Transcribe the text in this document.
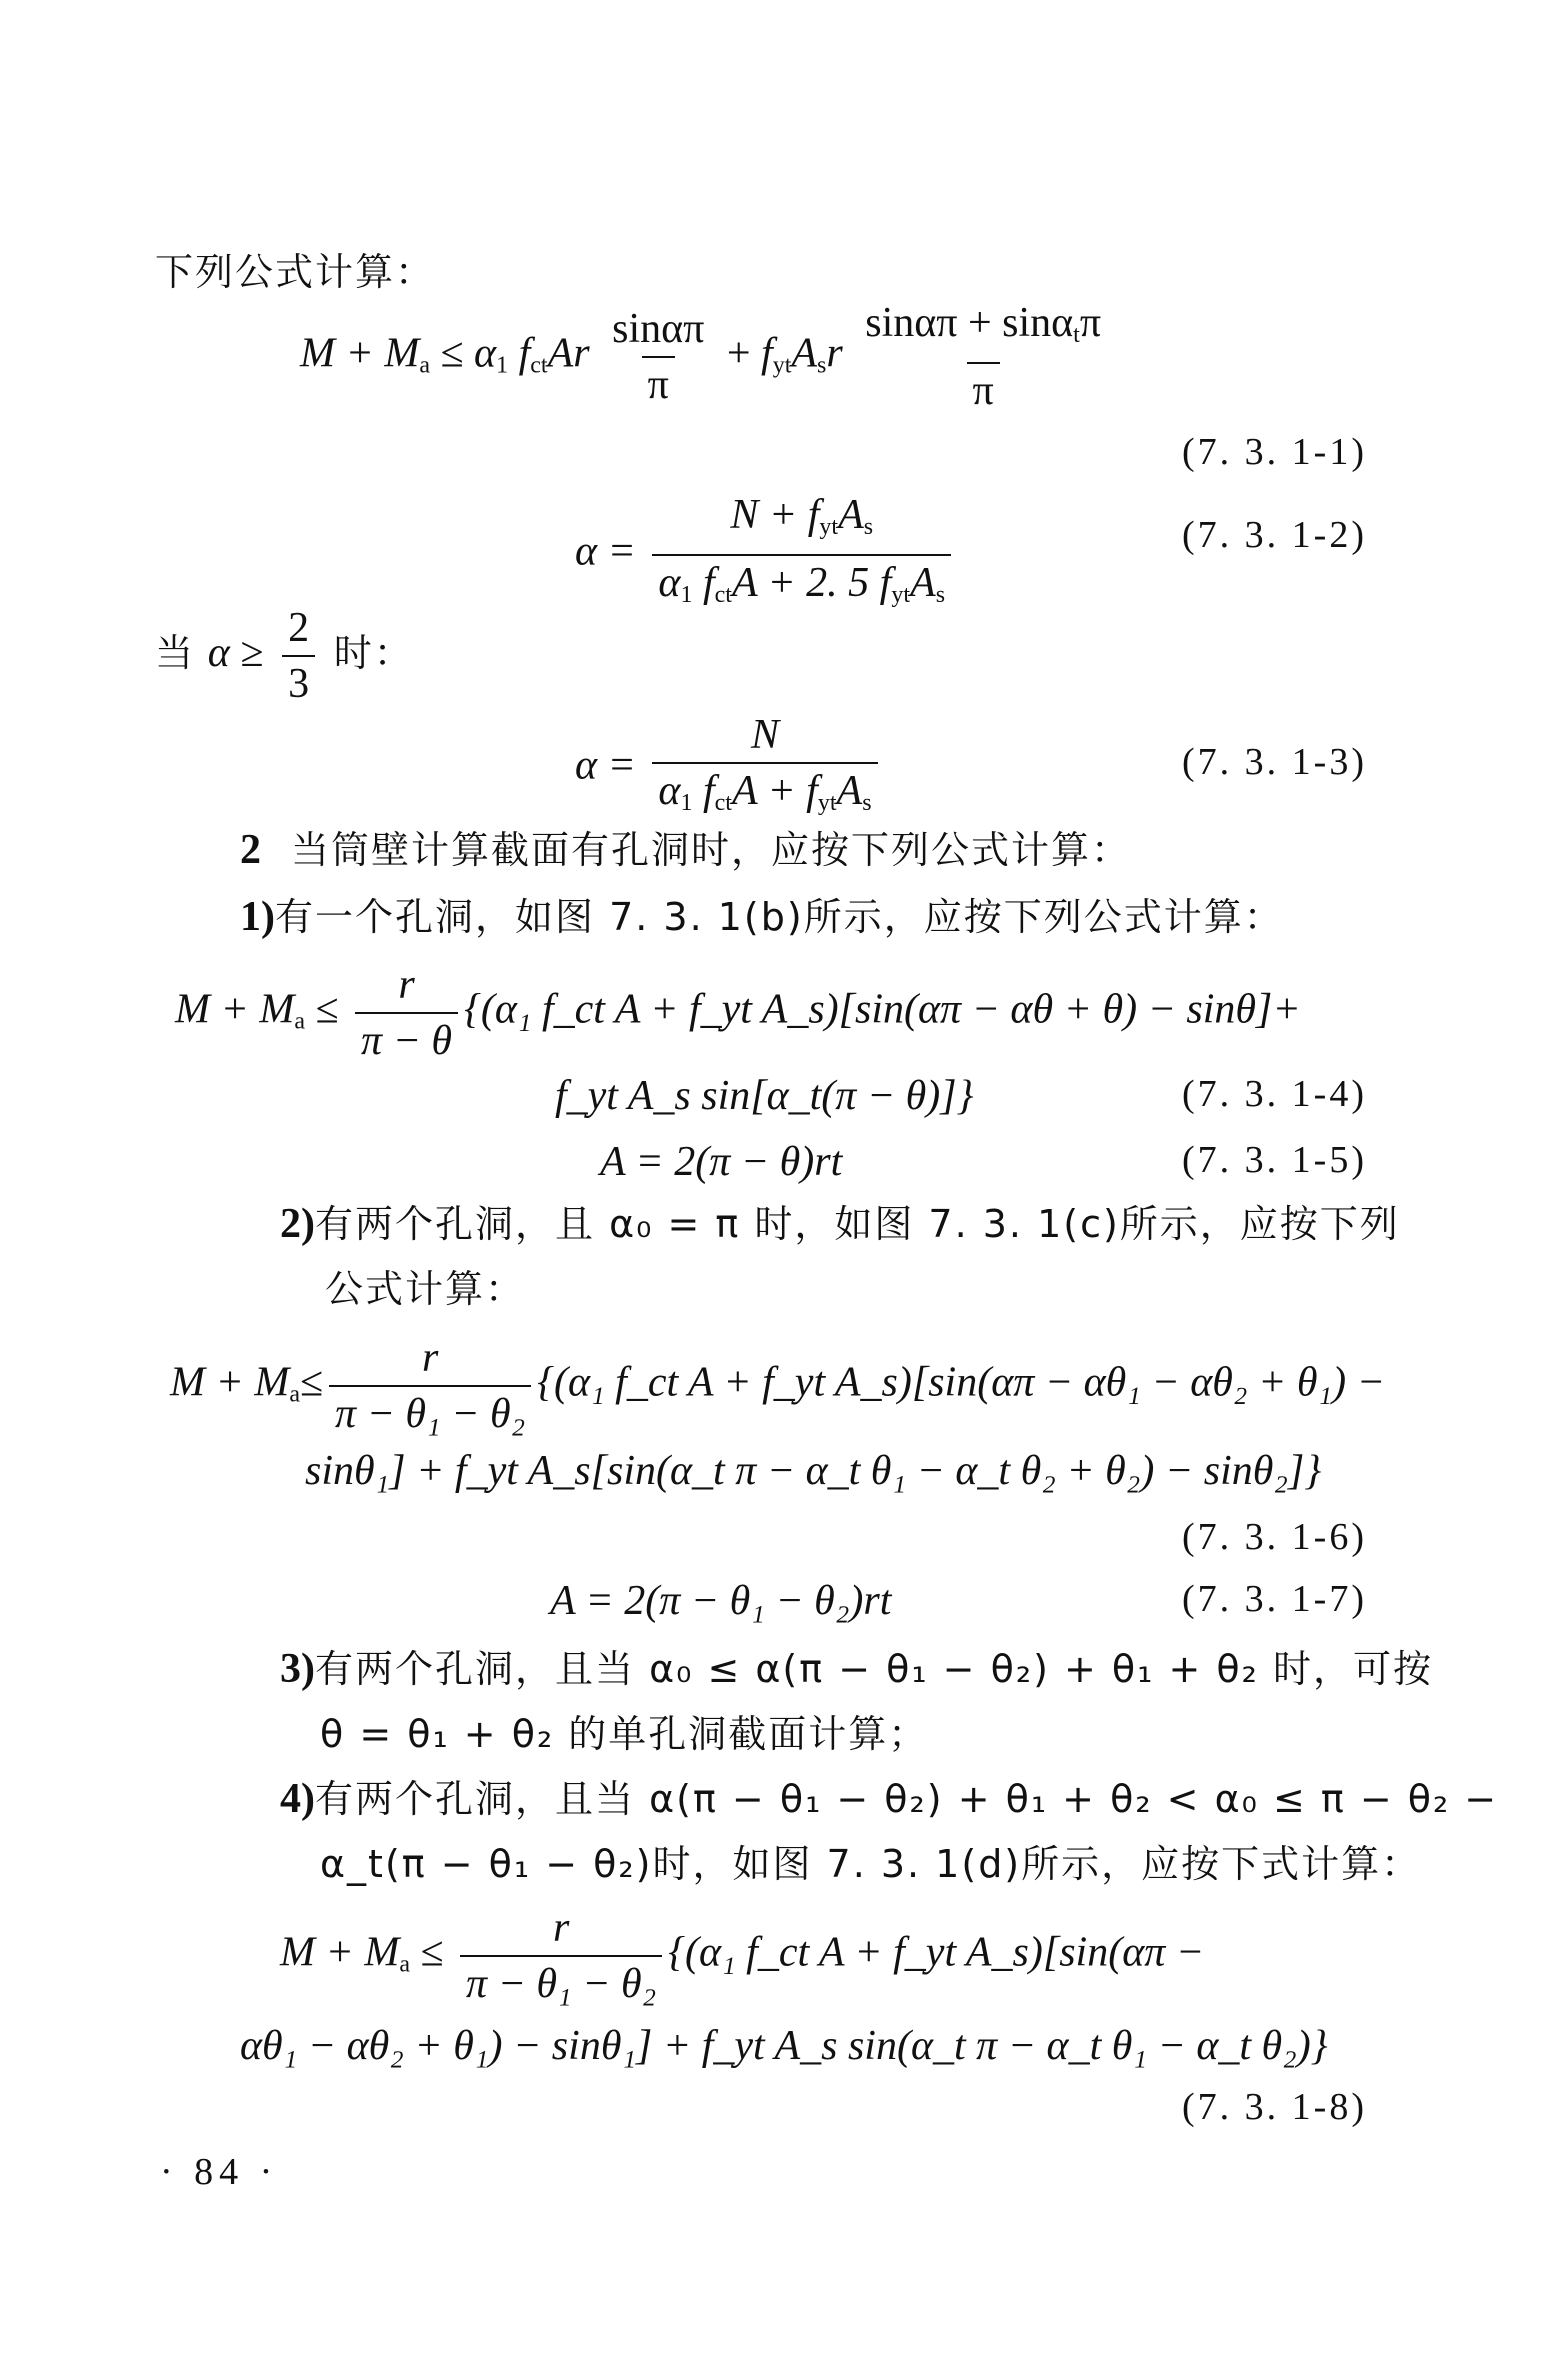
下列公式计算：
$M + M_a \le \alpha_1$ $f_{ct}Ar \frac{\sin\alpha\pi}{\pi} + f_{yt}A_sr \frac{\sin\alpha\pi + \sin\alpha_t\pi}{\pi}$
(7. 3. 1-1)
$\alpha = \frac{N + f_{yt}A_s}{\alpha_1 f_{ct}A + 2. 5 f_{yt}A_s}$	(7. 3. 1-2)
当 $\alpha \ge \frac{2}{3}$ 时：
$\alpha = \frac{N}{\alpha_1 f_{ct}A + f_{yt}A_s}$	(7. 3. 1-3)
2 当筒壁计算截面有孔洞时，应按下列公式计算：
1)有一个孔洞，如图 7. 3. 1(b)所示，应按下列公式计算：
$M + M_a \le \frac{r}{\pi - \theta} \{(\alpha_1$ f_ct A + f_yt A_s)[sin(απ − αθ + θ) − sinθ]+
f_yt A_s sin[α_t(π − θ)]}	(7. 3. 1-4)
A = 2(π − θ)rt	(7. 3. 1-5)
2)有两个孔洞，且 α₀ = π 时，如图 7. 3. 1(c)所示，应按下列
公式计算：
$M + M_a\le \frac{r}{\text{π − θ₁ − θ₂}} \{(\alpha_1$ f_ct A + f_yt A_s)[sin(απ − αθ₁ − αθ₂ + θ₁) −
sinθ₁] + f_yt A_s[sin(α_t π − α_t θ₁ − α_t θ₂ + θ₂) − sinθ₂]}
(7. 3. 1-6)
A = 2(π − θ₁ − θ₂)rt	(7. 3. 1-7)
3)有两个孔洞，且当 α₀ ≤ α(π − θ₁ − θ₂) + θ₁ + θ₂ 时，可按
θ = θ₁ + θ₂ 的单孔洞截面计算；
4)有两个孔洞，且当 α(π − θ₁ − θ₂) + θ₁ + θ₂ < α₀ ≤ π − θ₂ −
α_t(π − θ₁ − θ₂)时，如图 7. 3. 1(d)所示，应按下式计算：
$M + M_a \le \frac{r}{\text{π − θ₁ − θ₂}} \{(\alpha_1$ f_ct A + f_yt A_s)[sin(απ −
αθ₁ − αθ₂ + θ₁) − sinθ₁] + f_yt A_s sin(α_t π − α_t θ₁ − α_t θ₂)}
(7. 3. 1-8)
· 84 ·
